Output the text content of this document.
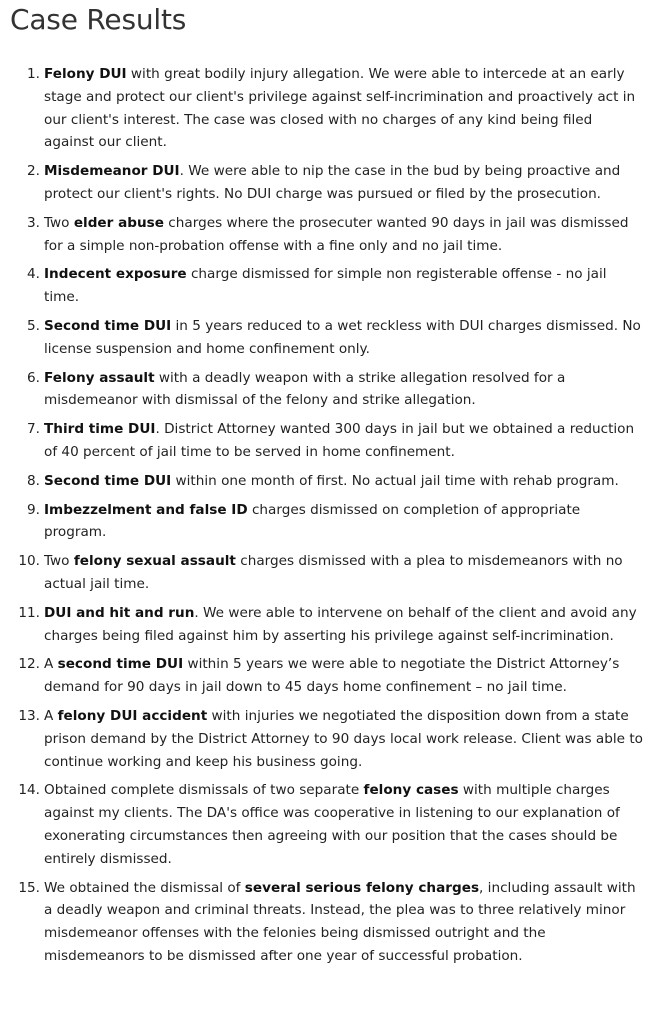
Case Results
1. Felony DUI with great bodily injury allegation. We were able to intercede at an early stage and protect our client's privilege against self-incrimination and proactively act in our client's interest. The case was closed with no charges of any kind being filed against our client.
2. Misdemeanor DUI. We were able to nip the case in the bud by being proactive and protect our client's rights. No DUI charge was pursued or filed by the prosecution.
3. Two elder abuse charges where the prosecuter wanted 90 days in jail was dismissed for a simple non-probation offense with a fine only and no jail time.
4. Indecent exposure charge dismissed for simple non registerable offense - no jail time.
5. Second time DUI in 5 years reduced to a wet reckless with DUI charges dismissed. No license suspension and home confinement only.
6. Felony assault with a deadly weapon with a strike allegation resolved for a misdemeanor with dismissal of the felony and strike allegation.
7. Third time DUI. District Attorney wanted 300 days in jail but we obtained a reduction of 40 percent of jail time to be served in home confinement.
8. Second time DUI within one month of first. No actual jail time with rehab program.
9. Imbezzelment and false ID charges dismissed on completion of appropriate program.
10. Two felony sexual assault charges dismissed with a plea to misdemeanors with no actual jail time.
11. DUI and hit and run. We were able to intervene on behalf of the client and avoid any charges being filed against him by asserting his privilege against self-incrimination.
12. A second time DUI within 5 years we were able to negotiate the District Attorney’s demand for 90 days in jail down to 45 days home confinement – no jail time.
13. A felony DUI accident with injuries we negotiated the disposition down from a state prison demand by the District Attorney to 90 days local work release. Client was able to continue working and keep his business going.
14. Obtained complete dismissals of two separate felony cases with multiple charges against my clients. The DA's office was cooperative in listening to our explanation of exonerating circumstances then agreeing with our position that the cases should be entirely dismissed.
15. We obtained the dismissal of several serious felony charges, including assault with a deadly weapon and criminal threats. Instead, the plea was to three relatively minor misdemeanor offenses with the felonies being dismissed outright and the misdemeanors to be dismissed after one year of successful probation.
